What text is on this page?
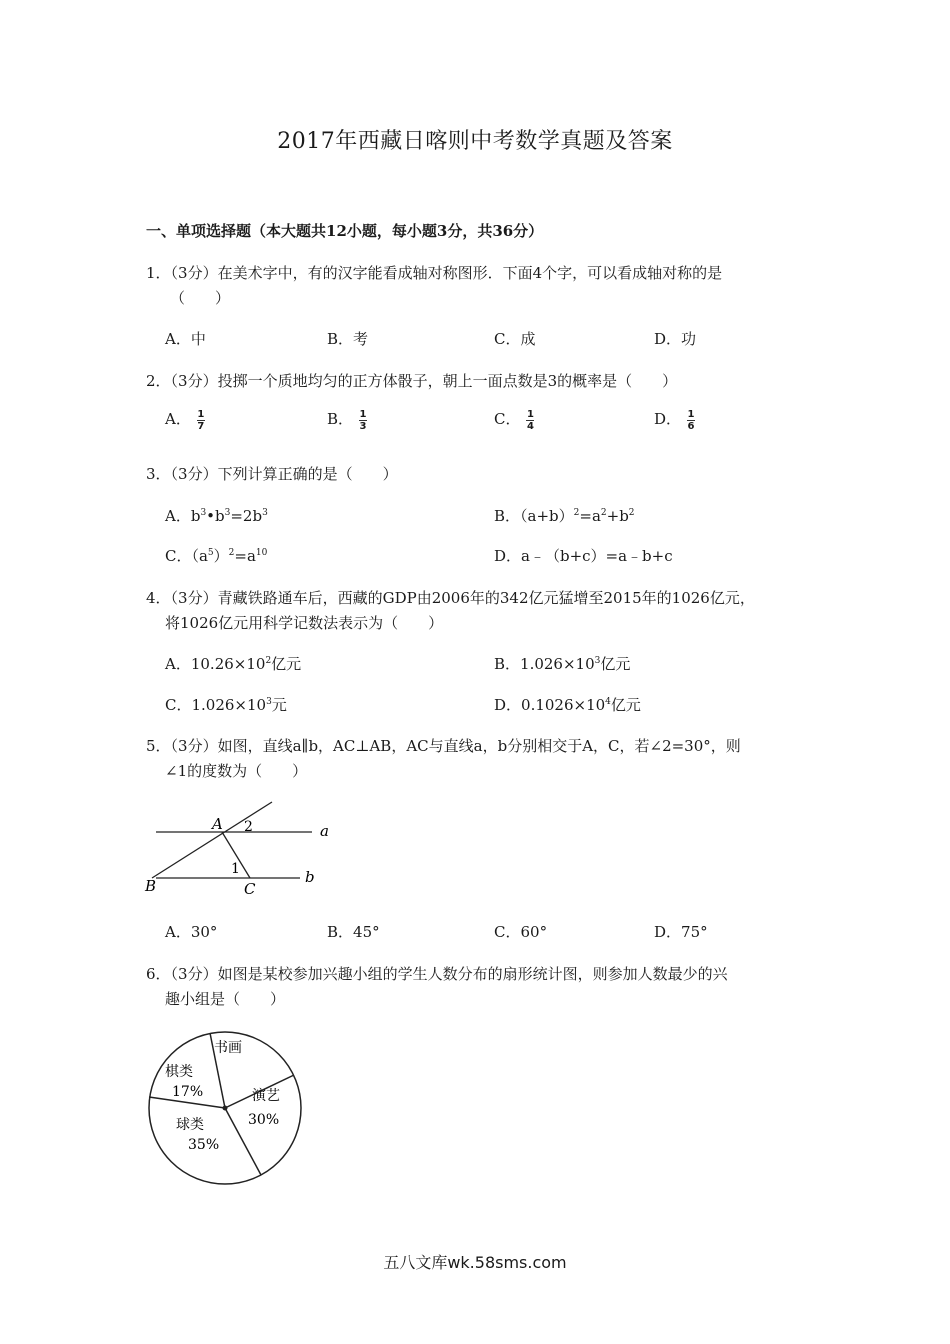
2017年西藏日喀则中考数学真题及答案
一、单项选择题（本大题共12小题，每小题3分，共36分）
1．（3分）在美术字中，有的汉字能看成轴对称图形．下面4个字，可以看成轴对称的是
（　　）
A．中	B．考	C．成	D．功
2．（3分）投掷一个质地均匀的正方体骰子，朝上一面点数是3的概率是（　　）
A． $\frac{1}{7}$	B． $\frac{1}{3}$	C． $\frac{1}{4}$	D． $\frac{1}{6}$
3．（3分）下列计算正确的是（　　）
A．$b^3•b^3=2b^3$	B．$(a+b)^2=a^2+b^2$
C．$(a^5)^2=a^{10}$	D．a﹣（b+c）=a﹣b+c
4．（3分）青藏铁路通车后，西藏的GDP由2006年的342亿元猛增至2015年的1026亿元，
将1026亿元用科学记数法表示为（　　）
A．$10.26\times 10^2$亿元	B．$1.026\times 10^3$亿元
C．$1.026\times 10^3$元	D．$0.1026\times 10^4$亿元
5．（3分）如图，直线a∥b，AC⊥AB，AC与直线a，b分别相交于A，C，若∠2=30°，则
∠1的度数为（　　）
A
B	C
a
b
1
2
A．30°	B．45°	C．60°	D．75°
6．（3分）如图是某校参加兴趣小组的学生人数分布的扇形统计图，则参加人数最少的兴
趣小组是（　　）
书画
演艺
30%
球类
35%
棋类
17%
五八文库wk.58sms.com
